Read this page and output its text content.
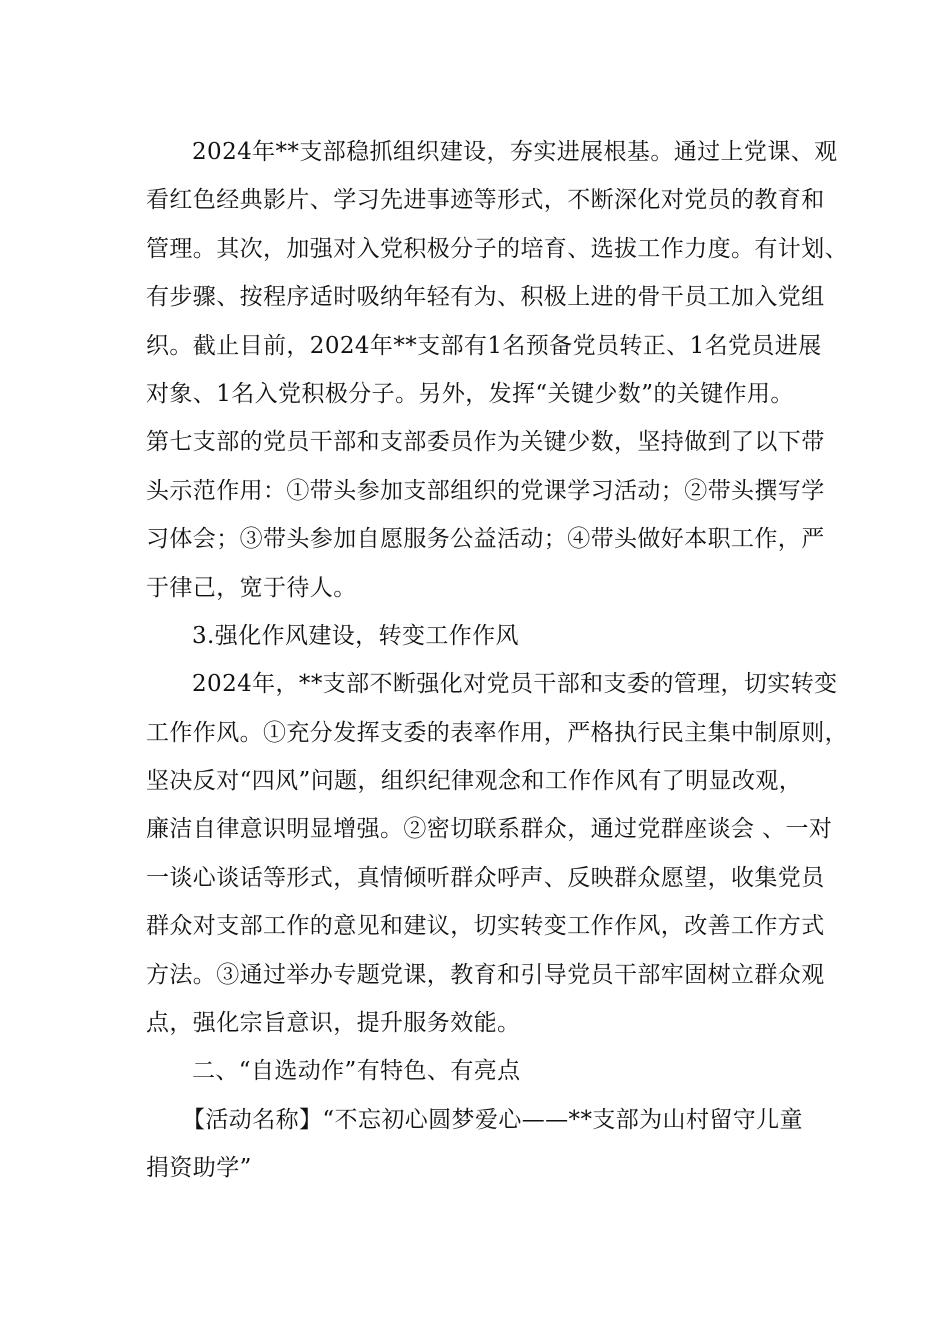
2024年**支部稳抓组织建设，夯实进展根基。通过上党课、观
看红色经典影片、学习先进事迹等形式，不断深化对党员的教育和
管理。其次，加强对入党积极分子的培育、选拔工作力度。有计划、
有步骤、按程序适时吸纳年轻有为、积极上进的骨干员工加入党组
织。截止目前，2024年**支部有1名预备党员转正、1名党员进展
对象、1名入党积极分子。另外，发挥“关键少数”的关键作用。
第七支部的党员干部和支部委员作为关键少数，坚持做到了以下带
头示范作用：①带头参加支部组织的党课学习活动；②带头撰写学
习体会；③带头参加自愿服务公益活动；④带头做好本职工作，严
于律己，宽于待人。
3.强化作风建设，转变工作作风
2024年，**支部不断强化对党员干部和支委的管理，切实转变
工作作风。①充分发挥支委的表率作用，严格执行民主集中制原则，
坚决反对“四风”问题，组织纪律观念和工作作风有了明显改观，
廉洁自律意识明显增强。②密切联系群众，通过党群座谈会 、一对
一谈心谈话等形式，真情倾听群众呼声、反映群众愿望，收集党员
群众对支部工作的意见和建议，切实转变工作作风，改善工作方式
方法。③通过举办专题党课，教育和引导党员干部牢固树立群众观
点，强化宗旨意识，提升服务效能。
二、“自选动作”有特色、有亮点
【活动名称】“不忘初心圆梦爱心——**支部为山村留守儿童
捐资助学”
